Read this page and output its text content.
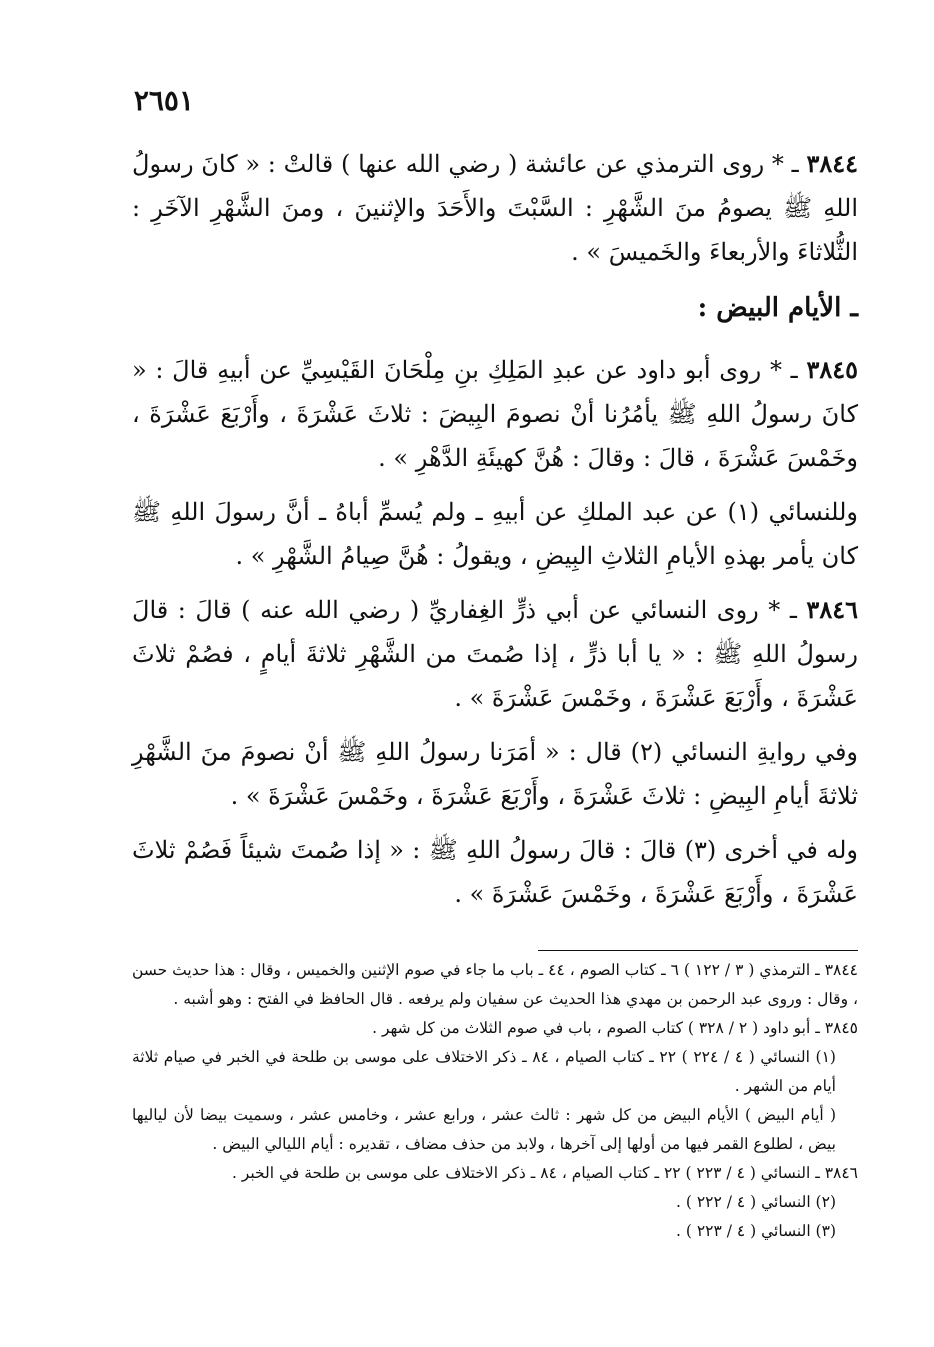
٢٦٥١

٣٨٤٤ ـ * روى الترمذي عن عائشة ( رضي الله عنها ) قالتْ : « كانَ رسولُ اللهِ ﷺ يصومُ منَ الشَّهْرِ : السَّبْتَ والأَحَدَ والإثنينَ ، ومنَ الشَّهْرِ الآخَرِ : الثُّلاثاءَ والأربعاءَ والخَميسَ » .

ـ الأيام البيض :

٣٨٤٥ ـ * روى أبو داود عن عبدِ المَلِكِ بنِ مِلْحَانَ القَيْسِيِّ عن أبيهِ قالَ : « كانَ رسولُ اللهِ ﷺ يأمُرُنا أنْ نصومَ البِيضَ : ثلاثَ عَشْرَةَ ، وأَرْبَعَ عَشْرَةَ ، وخَمْسَ عَشْرَةَ ، قالَ : وقالَ : هُنَّ كهيئَةِ الدَّهْرِ » .

وللنسائي (١) عن عبد الملكِ عن أبيهِ ـ ولم يُسمِّ أباهُ ـ أنَّ رسولَ اللهِ ﷺ كان يأمر بهذهِ الأيامِ الثلاثِ البِيضِ ، ويقولُ : هُنَّ صِيامُ الشَّهْرِ » .

٣٨٤٦ ـ * روى النسائي عن أبي ذرٍّ الغِفاريِّ ( رضي الله عنه ) قالَ : قالَ رسولُ اللهِ ﷺ : « يا أبا ذرٍّ ، إذا صُمتَ من الشَّهْرِ ثلاثةَ أيامٍ ، فصُمْ ثلاثَ عَشْرَةَ ، وأَرْبَعَ عَشْرَةَ ، وخَمْسَ عَشْرَةَ » .

وفي روايةِ النسائي (٢) قال : « أمَرَنا رسولُ اللهِ ﷺ أنْ نصومَ منَ الشَّهْرِ ثلاثةَ أيامِ البِيضِ : ثلاثَ عَشْرَةَ ، وأَرْبَعَ عَشْرَةَ ، وخَمْسَ عَشْرَةَ » .

وله في أخرى (٣) قالَ : قالَ رسولُ اللهِ ﷺ : « إذا صُمتَ شيئاً فَصُمْ ثلاثَ عَشْرَةَ ، وأَرْبَعَ عَشْرَةَ ، وخَمْسَ عَشْرَةَ » .

٣٨٤٤ ـ الترمذي ( ٣ / ١٢٢ ) ٦ ـ كتاب الصوم ، ٤٤ ـ باب ما جاء في صوم الإثنين والخميس ، وقال : هذا حديث حسن ، وقال : وروى عبد الرحمن بن مهدي هذا الحديث عن سفيان ولم يرفعه . قال الحافظ في الفتح : وهو أشبه .
٣٨٤٥ ـ أبو داود ( ٢ / ٣٢٨ ) كتاب الصوم ، باب في صوم الثلاث من كل شهر .
(١) النسائي ( ٤ / ٢٢٤ ) ٢٢ ـ كتاب الصيام ، ٨٤ ـ ذكر الاختلاف على موسى بن طلحة في الخبر في صيام ثلاثة أيام من الشهر .
( أيام البيض ) الأيام البيض من كل شهر : ثالث عشر ، ورابع عشر ، وخامس عشر ، وسميت بيضا لأن لياليها بيض ، لطلوع القمر فيها من أولها إلى آخرها ، ولابد من حذف مضاف ، تقديره : أيام الليالي البيض .
٣٨٤٦ ـ النسائي ( ٤ / ٢٢٣ ) ٢٢ ـ كتاب الصيام ، ٨٤ ـ ذكر الاختلاف على موسى بن طلحة في الخبر .
(٢) النسائي ( ٤ / ٢٢٢ ) .
(٣) النسائي ( ٤ / ٢٢٣ ) .
